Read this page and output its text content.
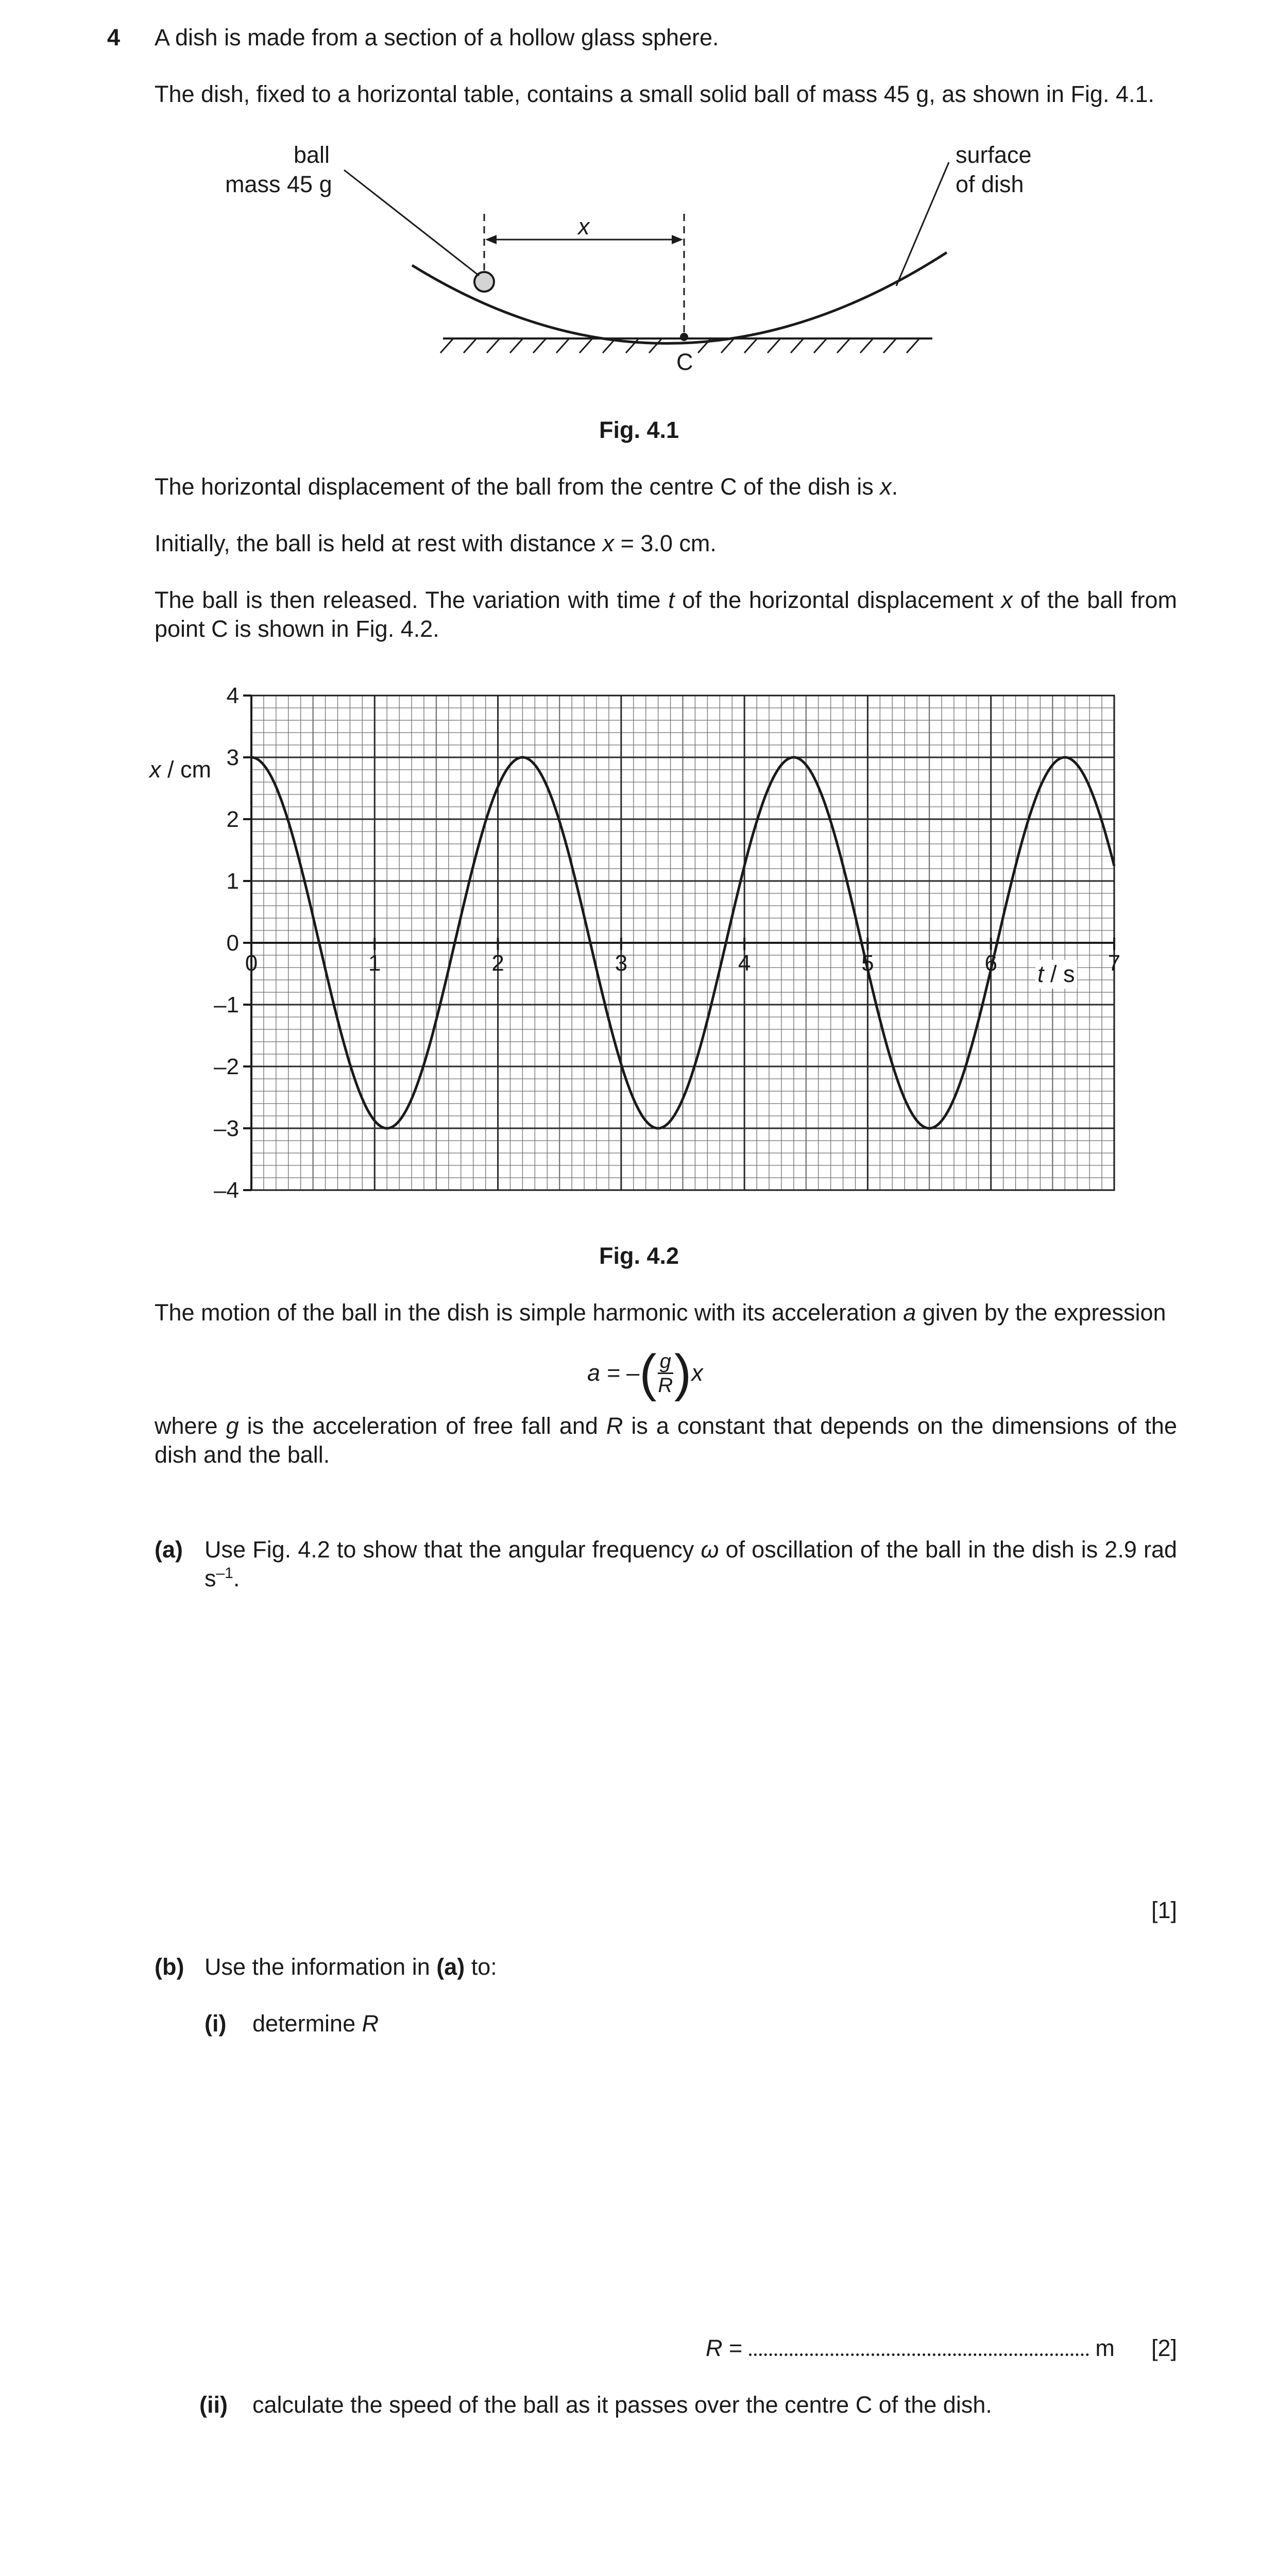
4 A dish is made from a section of a hollow glass sphere.
The dish, fixed to a horizontal table, contains a small solid ball of mass 45 g, as shown in Fig. 4.1.
ball
mass 45 g
surface
of dish
x
C
Fig. 4.1
The horizontal displacement of the ball from the centre C of the dish is x.
Initially, the ball is held at rest with distance x = 3.0 cm.
The ball is then released. The variation with time t of the horizontal displacement x of the ball from point C is shown in Fig. 4.2.
0	1	2	3	4	5	6	7
4
3
2
1
0
–1
–2
–3
–4
x / cm
t / s
Fig. 4.2
The motion of the ball in the dish is simple harmonic with its acceleration a given by the expression
a = – ( $\frac{g}{R}$ ) x
where g is the acceleration of free fall and R is a constant that depends on the dimensions of the dish and the ball.
(a) Use Fig. 4.2 to show that the angular frequency ω of oscillation of the ball in the dish is 2.9 rad $s^{-1}$.
[1]
(b) Use the information in (a) to:
(i) determine R
R =	m [2]
(ii) calculate the speed of the ball as it passes over the centre C of the dish.
